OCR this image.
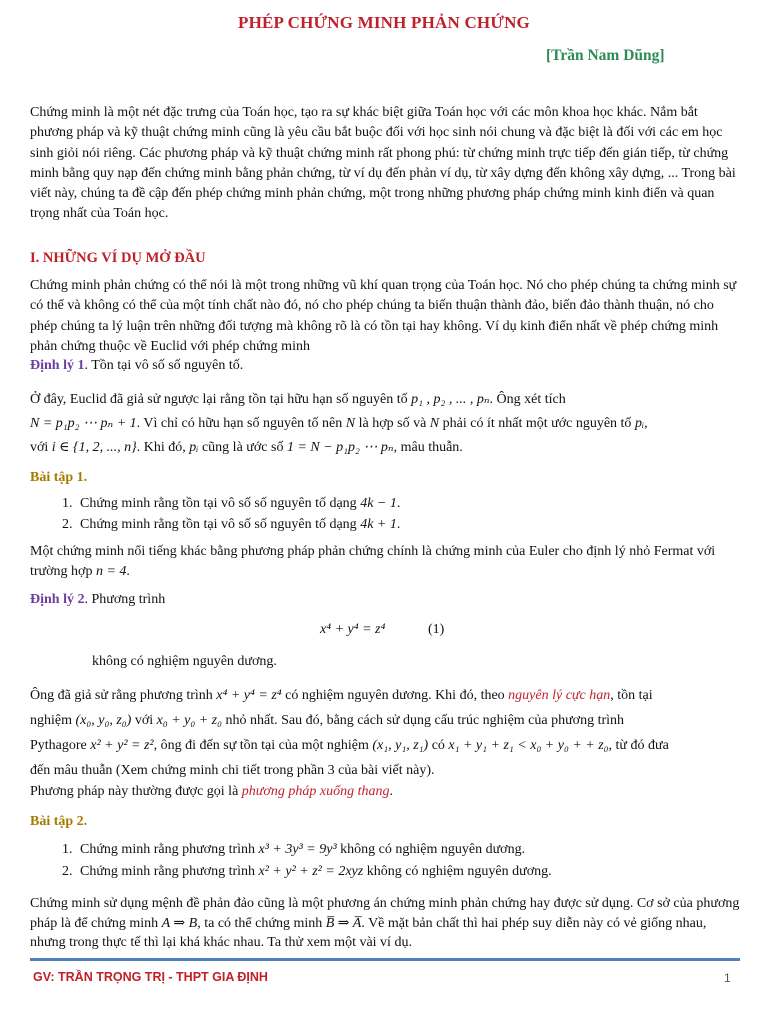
PHÉP CHỨNG MINH PHẢN CHỨNG
[Trần Nam Dũng]

Chứng minh là một nét đặc trưng của Toán học, tạo ra sự khác biệt giữa Toán học với các môn khoa học khác. Nắm bắt phương pháp và kỹ thuật chứng minh cũng là yêu cầu bắt buộc đối với học sinh nói chung và đặc biệt là đối với các em học sinh giỏi nói riêng. Các phương pháp và kỹ thuật chứng minh rất phong phú: từ chứng minh trực tiếp đến gián tiếp, từ chứng minh bằng quy nạp đến chứng minh bằng phản chứng, từ ví dụ đến phản ví dụ, từ xây dựng đến không xây dựng, ... Trong bài viết này, chúng ta đề cập đến phép chứng minh phản chứng, một trong những phương pháp chứng minh kinh điển và quan trọng nhất của Toán học.

I. NHỮNG VÍ DỤ MỞ ĐẦU

Chứng minh phản chứng có thể nói là một trong những vũ khí quan trọng của Toán học. Nó cho phép chúng ta chứng minh sự có thể và không có thể của một tính chất nào đó, nó cho phép chúng ta biến thuận thành đảo, biến đảo thành thuận, nó cho phép chúng ta lý luận trên những đối tượng mà không rõ là có tồn tại hay không. Ví dụ kinh điển nhất về phép chứng minh phản chứng thuộc về Euclid với phép chứng minh

Định lý 1. Tồn tại vô số số nguyên tố.
Ở đây, Euclid đã giả sử ngược lại rằng tồn tại hữu hạn số nguyên tố p₁ , p₂ , ... , pₙ. Ông xét tích
N = p₁p₂ ⋯ pₙ + 1. Vì chỉ có hữu hạn số nguyên tố nên N là hợp số và N phải có ít nhất một ước nguyên tố pᵢ,
với i ∈ {1, 2, ..., n}. Khi đó, pᵢ cũng là ước số 1 = N − p₁p₂ ⋯ pₙ, mâu thuẫn.
Bài tập 1.
1. Chứng minh rằng tồn tại vô số số nguyên tố dạng 4k − 1.
2. Chứng minh rằng tồn tại vô số số nguyên tố dạng 4k + 1.
Một chứng minh nổi tiếng khác bằng phương pháp phản chứng chính là chứng minh của Euler cho định lý nhỏ Fermat với trường hợp n = 4.
Định lý 2. Phương trình
x⁴ + y⁴ = z⁴	(1)
không có nghiệm nguyên dương.
Ông đã giả sử rằng phương trình x⁴ + y⁴ = z⁴ có nghiệm nguyên dương. Khi đó, theo nguyên lý cực hạn, tồn tại
nghiệm (x₀, y₀, z₀) với x₀ + y₀ + z₀ nhỏ nhất. Sau đó, bằng cách sử dụng cấu trúc nghiệm của phương trình
Pythagore x² + y² = z², ông đi đến sự tồn tại của một nghiệm (x₁, y₁, z₁) có x₁ + y₁ + z₁ < x₀ + y₀ + + z₀, từ đó đưa
đến mâu thuẫn (Xem chứng minh chi tiết trong phần 3 của bài viết này).
Phương pháp này thường được gọi là phương pháp xuống thang.
Bài tập 2.
1. Chứng minh rằng phương trình x³ + 3y³ = 9y³ không có nghiệm nguyên dương.
2. Chứng minh rằng phương trình x² + y² + z² = 2xyz không có nghiệm nguyên dương.
Chứng minh sử dụng mệnh đề phản đảo cũng là một phương án chứng minh phản chứng hay được sử dụng. Cơ sở của phương pháp là để chứng minh A ⇒ B, ta có thể chứng minh B̅ ⇒ A̅. Về mặt bản chất thì hai phép suy diễn này có vẻ giống nhau, nhưng trong thực tế thì lại khá khác nhau. Ta thử xem một vài ví dụ.
GV: TRẦN TRỌNG TRỊ - THPT GIA ĐỊNH	1
